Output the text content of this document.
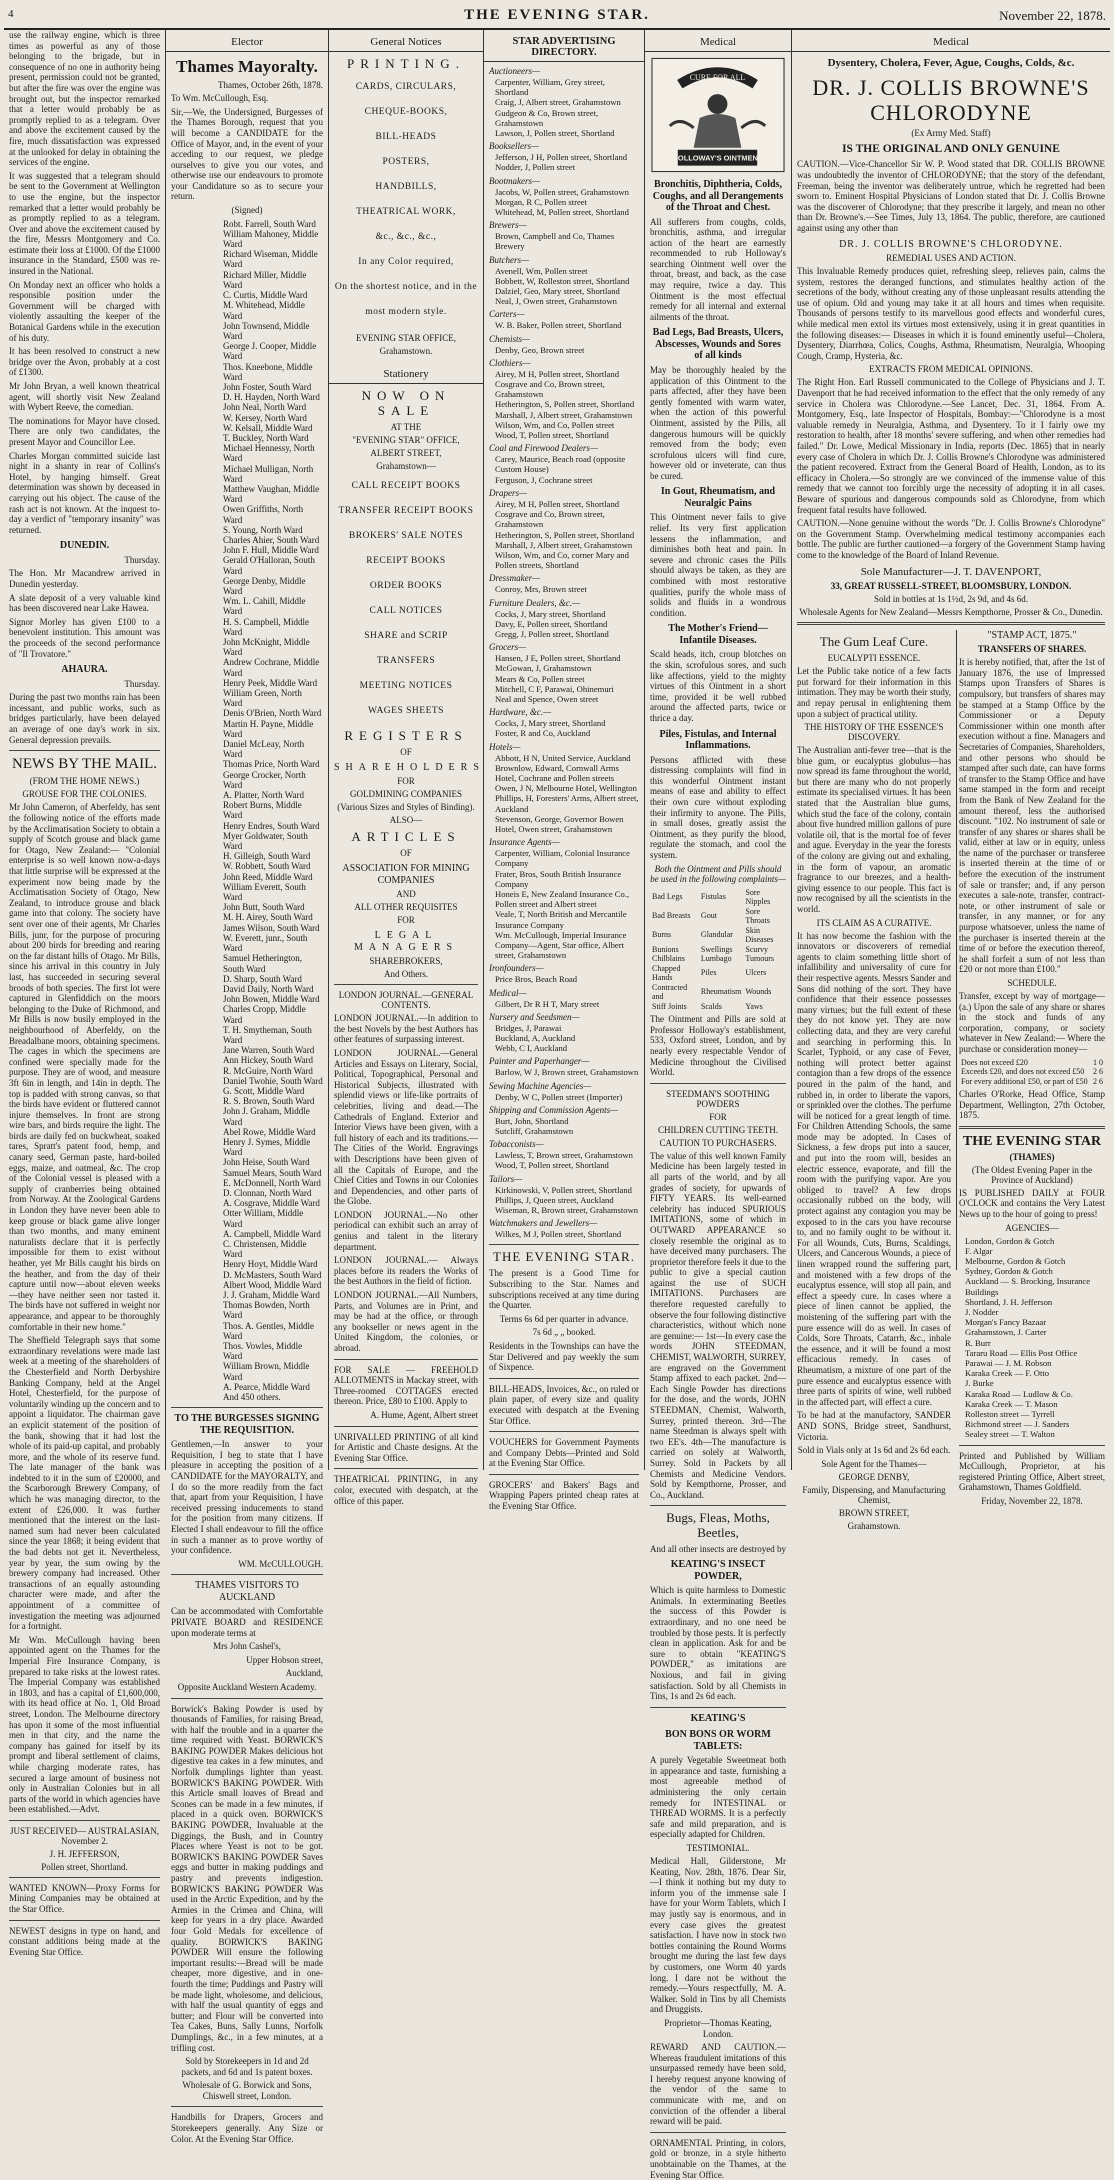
4	THE EVENING STAR.	November 22, 1878.

use the railway engine, which is three times as powerful as any of those belonging to the brigade, but in consequence of no one in authority being present, permission could not be granted, but after the fire was over the engine was brought out, but the inspector remarked that a letter would probably be as promptly replied to as a telegram. Over and above the excitement caused by the fire, much dissatisfaction was expressed at the unlooked for delay in obtaining the services of the engine.

It was suggested that a telegram should be sent to the Government at Wellington to use the engine, but the inspector remarked that a letter would probably be as promptly replied to as a telegram. Over and above the excitement caused by the fire, Messrs Montgomery and Co. estimate their loss at £1000. Of the £1000 insurance in the Standard, £500 was re-insured in the National.

On Monday next an officer who holds a responsible position under the Government will be charged with violently assaulting the keeper of the Botanical Gardens while in the execution of his duty.

It has been resolved to construct a new bridge over the Avon, probably at a cost of £1300.

Mr John Bryan, a well known theatrical agent, will shortly visit New Zealand with Wybert Reeve, the comedian.

The nominations for Mayor have closed. There are only two candidates, the present Mayor and Councillor Lee.

Charles Morgan committed suicide last night in a shanty in rear of Collins's Hotel, by hanging himself. Great determination was shown by deceased in carrying out his object. The cause of the rash act is not known. At the inquest to-day a verdict of "temporary insanity" was returned.

DUNEDIN.

Thursday.

The Hon. Mr Macandrew arrived in Dunedin yesterday.

A slate deposit of a very valuable kind has been discovered near Lake Hawea.

Signor Morley has given £100 to a benevolent institution. This amount was the proceeds of the second performance of "Il Trovatore."

AHAURA.

Thursday.

During the past two months rain has been incessant, and public works, such as bridges particularly, have been delayed an average of one day's work in six. General depression prevails.

NEWS BY THE MAIL.
(FROM THE HOME NEWS.)
GROUSE FOR THE COLONIES.

Mr John Cameron, of Aberfeldy, has sent the following notice of the efforts made by the Acclimatisation Society to obtain a supply of Scotch grouse and black game for Otago, New Zealand:— "Colonial enterprise is so well known now-a-days that little surprise will be expressed at the experiment now being made by the Acclimatisation Society of Otago, New Zealand, to introduce grouse and black game into that colony. The society have sent over one of their agents, Mr Charles Bills, junr, for the purpose of procuring about 200 birds for breeding and rearing on the far distant hills of Otago. Mr Bills, since his arrival in this country in July last, has succeeded in securing several broods of both species. The first lot were captured in Glenfiddich on the moors belonging to the Duke of Richmond, and Mr Bills is now busily employed in the neighbourhood of Aberfeldy, on the Breadalbane moors, obtaining specimens. The cages in which the specimens are confined were specially made for the purpose. They are of wood, and measure 3ft 6in in length, and 14in in depth. The top is padded with strong canvas, so that the birds have evident or fluttered cannot injure themselves. In front are strong wire bars, and birds require the light. The birds are daily fed on buckwheat, soaked tares, Spratt's patent food, hemp, and canary seed, German paste, hard-boiled eggs, maize, and oatmeal, &c. The crop of the Colonial vessel is pleased with a supply of cranberries being obtained from Norway. At the Zoological Gardens in London they have never been able to keep grouse or black game alive longer than two months, and many eminent naturalists declare that it is perfectly impossible for them to exist without heather, yet Mr Bills caught his birds on the heather, and from the day of their capture until now—about eleven weeks—they have neither seen nor tasted it. The birds have not suffered in weight nor appearance, and appear to be thoroughly comfortable in their new home."

The Sheffield Telegraph says that some extraordinary revelations were made last week at a meeting of the shareholders of the Chesterfield and North Derbyshire Banking Company, held at the Angel Hotel, Chesterfield, for the purpose of voluntarily winding up the concern and to appoint a liquidator. The chairman gave an explicit statement of the position of the bank, showing that it had lost the whole of its paid-up capital, and probably more, and the whole of its reserve fund. The late manager of the bank was indebted to it in the sum of £20000, and the Scarborough Brewery Company, of which he was managing director, to the extent of £26,000. It was further mentioned that the interest on the last-named sum had never been calculated since the year 1868; it being evident that the bad debts not get it. Nevertheless, year by year, the sum owing by the brewery company had increased. Other transactions of an equally astounding character were made, and after the appointment of a committee of investigation the meeting was adjourned for a fortnight.

Mr Wm. McCullough having been appointed agent on the Thames for the Imperial Fire Insurance Company, is prepared to take risks at the lowest rates. The Imperial Company was established in 1803, and has a capital of £1,600,000, with its head office at No. 1, Old Broad street, London. The Melbourne directory has upon it some of the most influential men in that city, and the name the company has gained for itself by its prompt and liberal settlement of claims, while charging moderate rates, has secured a large amount of business not only in Australian Colonies but in all parts of the world in which agencies have been established.—Advt.

JUST RECEIVED— AUSTRALASIAN, November 2.
J. H. JEFFERSON,
Pollen street, Shortland.

WANTED KNOWN—Proxy Forms for Mining Companies may be obtained at the Star Office.

NEWEST designs in type on hand, and constant additions being made at the Evening Star Office.

Elector
Thames Mayoralty.

Thames, October 26th, 1878.

To Wm. McCullough, Esq.

Sir,—We, the Undersigned, Burgesses of the Thames Borough, request that you will become a CANDIDATE for the Office of Mayor, and, in the event of your acceding to our request, we pledge ourselves to give you our votes, and otherwise use our endeavours to promote your Candidature so as to secure your return.

(Signed)

Robt. Farrell, South Ward
William Mahoney, Middle Ward
Richard Wiseman, Middle Ward
Richard Miller, Middle Ward
C. Curtis, Middle Ward
M. Whitehead, Middle Ward
John Townsend, Middle Ward
George J. Cooper, Middle Ward
Thos. Kneebone, Middle Ward
John Foster, South Ward
D. H. Hayden, North Ward
John Neal, North Ward
W. Kersey, North Ward
W. Kelsall, Middle Ward
T. Buckley, North Ward
Michael Hennessy, North Ward
Michael Mulligan, North Ward
Matthew Vaughan, Middle Ward
Owen Griffiths, North Ward
S. Young, North Ward
Charles Ahier, South Ward
John F. Hull, Middle Ward
Gerald O'Halloran, South Ward
George Denby, Middle Ward
Wm. L. Cahill, Middle Ward
H. S. Campbell, Middle Ward
John McKnight, Middle Ward
Andrew Cochrane, Middle Ward
Henry Peek, Middle Ward
William Green, North Ward
Denis O'Brien, North Ward
Martin H. Payne, Middle Ward
Daniel McLeay, North Ward
Thomas Price, North Ward
George Crocker, North Ward
A. Platter, North Ward
Robert Burns, Middle Ward
Henry Endres, South Ward
Myer Goldwater, South Ward
H. Gilleigh, South Ward
W. Robbett, South Ward
John Reed, Middle Ward
William Everett, South Ward
John Butt, South Ward
M. H. Airey, South Ward
James Wilson, South Ward
W. Everett, junr., South Ward
Samuel Hetherington, South Ward
D. Sharp, South Ward
David Daily, North Ward
John Bowen, Middle Ward
Charles Cropp, Middle Ward
T. H. Smytheman, South Ward
Jane Warren, South Ward
Ann Hickey, South Ward
R. McGuire, North Ward
Daniel Twohie, South Ward
G. Scott, Middle Ward
R. S. Brown, South Ward
John J. Graham, Middle Ward
Abel Rowe, Middle Ward
Henry J. Symes, Middle Ward
John Heise, South Ward
Samuel Mears, South Ward
E. McDonnell, North Ward
D. Clonnan, North Ward
A. Cosgrave, Middle Ward
Otter William, Middle Ward
A. Campbell, Middle Ward
C. Christensen, Middle Ward
Henry Hoyt, Middle Ward
D. McMasters, South Ward
Albert Wood, Middle Ward
J. J. Graham, Middle Ward
Thomas Bowden, North Ward
Thos. A. Gentles, Middle Ward
Thos. Vowles, Middle Ward
William Brown, Middle Ward
A. Pearce, Middle Ward
And 450 others.
TO THE BURGESSES SIGNING THE REQUISITION.

Gentlemen,—In answer to your Requisition, I beg to state that I have pleasure in accepting the position of a CANDIDATE for the MAYORALTY, and I do so the more readily from the fact that, apart from your Requisition, I have received pressing inducements to stand for the position from many citizens. If Elected I shall endeavour to fill the office in such a manner as to prove worthy of your confidence.

WM. McCULLOUGH.

THAMES VISITORS TO AUCKLAND

Can be accommodated with Comfortable PRIVATE BOARD and RESIDENCE upon moderate terms at

Mrs John Cashel's,

Upper Hobson street,

Auckland,

Opposite Auckland Western Academy.

Borwick's Baking Powder is used by thousands of Families, for raising Bread, with half the trouble and in a quarter the time required with Yeast. BORWICK'S BAKING POWDER Makes delicious hot digestive tea cakes in a few minutes, and Norfolk dumplings lighter than yeast. BORWICK'S BAKING POWDER. With this Article small loaves of Bread and Scones can be made in a few minutes, if placed in a quick oven. BORWICK'S BAKING POWDER, Invaluable at the Diggings, the Bush, and in Country Places where Yeast is not to be got. BORWICK'S BAKING POWDER Saves eggs and butter in making puddings and pastry and prevents indigestion. BORWICK'S BAKING POWDER Was used in the Arctic Expedition, and by the Armies in the Crimea and China, will keep for years in a dry place. Awarded four Gold Medals for excellence of quality. BORWICK'S BAKING POWDER Will ensure the following important results:—Bread will be made cheaper, more digestive, and in one-fourth the time; Puddings and Pastry will be made light, wholesome, and delicious, with half the usual quantity of eggs and butter; and Flour will be converted into Tea Cakes, Buns, Sally Lunns, Norfolk Dumplings, &c., in a few minutes, at a trifling cost.

Sold by Storekeepers in 1d and 2d packets, and 6d and 1s patent boxes.

Wholesale of G. Borwick and Sons, Chiswell street, London.

Handbills for Drapers, Grocers and Storekeepers generally. Any Size or Color. At the Evening Star Office.

General Notices
PRINTING.
CARDS, CIRCULARS,
CHEQUE-BOOKS,
BILL-HEADS
POSTERS,
HANDBILLS,
THEATRICAL WORK,
&c., &c., &c.,
In any Color required,
On the shortest notice, and in the most modern style.
EVENING STAR OFFICE,
Grahamstown.
Stationery
NOW ON SALE
AT THE
"EVENING STAR" OFFICE,
ALBERT STREET,
Grahamstown—
CALL RECEIPT BOOKS
TRANSFER RECEIPT BOOKS
BROKERS' SALE NOTES
RECEIPT BOOKS
ORDER BOOKS
CALL NOTICES
SHARE and SCRIP TRANSFERS
MEETING NOTICES
WAGES SHEETS
REGISTERS
OF
SHAREHOLDERS
FOR
GOLDMINING COMPANIES
(Various Sizes and Styles of Binding).
ALSO—
ARTICLES
OF
ASSOCIATION FOR MINING COMPANIES
AND
ALL OTHER REQUISITES
FOR
LEGAL MANAGERS
SHAREBROKERS,
And Others.
LONDON JOURNAL.—GENERAL CONTENTS.

LONDON JOURNAL.—In addition to the best Novels by the best Authors has other features of surpassing interest.

LONDON JOURNAL.—General Articles and Essays on Literary, Social, Political, Topographical, Personal and Historical Subjects, illustrated with splendid views or life-like portraits of celebrities, living and dead.—The Cathedrals of England. Exterior and Interior Views have been given, with a full history of each and its traditions.—The Cities of the World. Engravings with Descriptions have been given of all the Capitals of Europe, and the Chief Cities and Towns in our Colonies and Dependencies, and other parts of the Globe.

LONDON JOURNAL.—No other periodical can exhibit such an array of genius and talent in the literary department.

LONDON JOURNAL.— Always places before its readers the Works of the best Authors in the field of fiction.

LONDON JOURNAL.—All Numbers, Parts, and Volumes are in Print, and may be had at the office, or through any bookseller or news agent in the United Kingdom, the colonies, or abroad.

FOR SALE — FREEHOLD ALLOTMENTS in Mackay street, with Three-roomed COTTAGES erected thereon. Price, £80 to £100. Apply to

A. Hume, Agent, Albert street

UNRIVALLED PRINTING of all kind for Artistic and Chaste designs. At the Evening Star Office.

THEATRICAL PRINTING, in any color, executed with despatch, at the office of this paper.

STAR ADVERTISING DIRECTORY.
Auctioneers—
Carpenter, William, Grey street, Shortland
Craig, J, Albert street, Grahamstown
Gudgeon & Co, Brown street, Grahamstown
Lawson, J, Pollen street, Shortland
Booksellers—
Jefferson, J H, Pollen street, Shortland
Nodder, J, Pollen street
Bootmakers—
Jacobs, W, Pollen street, Grahamstown
Morgan, R C, Pollen street
Whitehead, M, Pollen street, Shortland
Brewers—
Brown, Campbell and Co, Thames Brewery
Butchers—
Avenell, Wm, Pollen street
Bobbett, W, Rolleston street, Shortland
Dalziel, Geo, Mary street, Shortland
Neal, J, Owen street, Grahamstown
Carters—
W. B. Baker, Pollen street, Shortland
Chemists—
Denby, Geo, Brown street
Clothiers—
Airey, M H, Pollen street, Shortland
Cosgrave and Co, Brown street, Grahamstown
Hetherington, S, Pollen street, Shortland
Marshall, J, Albert street, Grahamstown
Wilson, Wm, and Co, Pollen street
Wood, T, Pollen street, Shortland
Coal and Firewood Dealers—
Carey, Maurice, Beach road (opposite Custom House)
Ferguson, J, Cochrane street
Drapers—
Airey, M H, Pollen street, Shortland
Cosgrave and Co, Brown street, Grahamstown
Hetherington, S, Pollen street, Shortland
Marshall, J, Albert street, Grahamstown
Wilson, Wm, and Co, corner Mary and Pollen streets, Shortland
Dressmaker—
Conroy, Mrs, Brown street
Furniture Dealers, &c.—
Cocks, J, Mary street, Shortland
Davy, E, Pollen street, Shortland
Gregg, J, Pollen street, Shortland
Grocers—
Hansen, J E, Pollen street, Shortland
McGowan, J, Grahamstown
Mears & Co, Pollen street
Mitchell, C F, Parawai, Ohinemuri
Neal and Spence, Owen street
Hardware, &c.—
Cocks, J, Mary street, Shortland
Foster, R and Co, Auckland
Hotels—
Abbott, H N, United Service, Auckland
Brownlow, Edward, Cornwall Arms Hotel, Cochrane and Pollen streets
Owen, J N, Melbourne Hotel, Wellington
Phillips, H, Foresters' Arms, Albert street, Auckland
Stevenson, George, Governor Bowen Hotel, Owen street, Grahamstown
Insurance Agents—
Carpenter, William, Colonial Insurance Company
Frater, Bros, South British Insurance Company
Honeis E, New Zealand Insurance Co., Pollen street and Albert street
Veale, T, North British and Mercantile Insurance Company
Wm. McCullough, Imperial Insurance Company—Agent, Star office, Albert street, Grahamstown
Ironfounders—
Price Bros, Beach Road
Medical—
Gilbert, Dr R H T, Mary street
Nursery and Seedsmen—
Bridges, J, Parawai
Buckland, A, Auckland
Webb, C I, Auckland
Painter and Paperhanger—
Barlow, W J, Brown street, Grahamstown
Sewing Machine Agencies—
Denby, W C, Pollen street (Importer)
Shipping and Commission Agents—
Burt, John, Shortland
Sutcliff, Grahamstown
Tobacconists—
Lawless, T, Brown street, Grahamstown
Wood, T, Pollen street, Shortland
Tailors—
Kirkinowski, V, Pollen street, Shortland
Phillips, J, Queen street, Auckland
Wiseman, R, Brown street, Grahamstown
Watchmakers and Jewellers—
Wilkes, M J, Pollen street, Shortland
THE EVENING STAR.

The present is a Good Time for Subscribing to the Star. Names and subscriptions received at any time during the Quarter.

Terms 6s 6d per quarter in advance.

7s 6d „ „ booked.

Residents in the Townships can have the Star Delivered and pay weekly the sum of Sixpence.

BILL-HEADS, Invoices, &c., on ruled or plain paper, of every size and quality executed with despatch at the Evening Star Office.

VOUCHERS for Government Payments and Company Debts—Printed and Sold at the Evening Star Office.

GROCERS' and Bakers' Bags and Wrapping Papers printed cheap rates at the Evening Star Office.

Medical
CURE FOR ALL
HOLLOWAY'S OINTMENT
Bronchitis, Diphtheria, Colds, Coughs, and all Derangements of the Throat and Chest.

All sufferers from coughs, colds, bronchitis, asthma, and irregular action of the heart are earnestly recommended to rub Holloway's searching Ointment well over the throat, breast, and back, as the case may require, twice a day. This Ointment is the most effectual remedy for all internal and external ailments of the throat.

Bad Legs, Bad Breasts, Ulcers, Abscesses, Wounds and Sores of all kinds

May be thoroughly healed by the application of this Ointment to the parts affected, after they have been gently fomented with warm water, when the action of this powerful Ointment, assisted by the Pills, all dangerous humours will be quickly removed from the body; even scrofulous ulcers will find cure, however old or inveterate, can thus be cured.

In Gout, Rheumatism, and Neuralgic Pains

This Ointment never fails to give relief. Its very first application lessens the inflammation, and diminishes both heat and pain. In severe and chronic cases the Pills should always be taken, as they are combined with most restorative qualities, purify the whole mass of solids and fluids in a wondrous condition.

The Mother's Friend—Infantile Diseases.

Scald heads, itch, croup blotches on the skin, scrofulous sores, and such like affections, yield to the mighty virtues of this Ointment in a short time, provided it be well rubbed around the affected parts, twice or thrice a day.

Piles, Fistulas, and Internal Inflammations.

Persons afflicted with these distressing complaints will find in this wonderful Ointment instant means of ease and ability to effect their own cure without exploding their infirmity to anyone. The Pills, in small doses, greatly assist the Ointment, as they purify the blood, regulate the stomach, and cool the system.

Both the Ointment and Pills should be used in the following complaints—

Bad Legs	Fistulas	Sore Nipples
Bad Breasts	Gout	Sore Throats
Burns	Glandular	Skin Diseases
Bunions	Swellings	Scurvy
Chilblains	Lumbago	Tumours
Chapped Hands	Piles	Ulcers
Contracted and	Rheumatism	Wounds
Stiff Joints	Scalds	Yaws

The Ointment and Pills are sold at Professor Holloway's establishment, 533, Oxford street, London, and by nearly every respectable Vendor of Medicine throughout the Civilised World.

STEEDMAN'S SOOTHING POWDERS
FOR
CHILDREN CUTTING TEETH.
CAUTION TO PURCHASERS.

The value of this well known Family Medicine has been largely tested in all parts of the world, and by all grades of society, for upwards of FIFTY YEARS. Its well-earned celebrity has induced SPURIOUS IMITATIONS, some of which in OUTWARD APPEARANCE so closely resemble the original as to have deceived many purchasers. The proprietor therefore feels it due to the public to give a special caution against the use of SUCH IMITATIONS. Purchasers are therefore requested carefully to observe the four following distinctive characteristics, without which none are genuine:— 1st—In every case the words JOHN STEEDMAN, CHEMIST, WALWORTH, SURREY, are engraved on the Government Stamp affixed to each packet. 2nd—Each Single Powder has directions for the dose, and the words, JOHN STEEDMAN, Chemist, Walworth, Surrey, printed thereon. 3rd—The name Steedman is always spelt with two EE's. 4th—The manufacture is carried on solely at Walworth, Surrey. Sold in Packets by all Chemists and Medicine Vendors. Sold by Kempthorne, Prosser, and Co., Auckland.

Bugs, Fleas, Moths, Beetles,
And all other insects are destroyed by
KEATING'S INSECT POWDER,

Which is quite harmless to Domestic Animals. In exterminating Beetles the success of this Powder is extraordinary, and no one need be troubled by those pests. It is perfectly clean in application. Ask for and be sure to obtain "KEATING'S POWDER," as imitations are Noxious, and fail in giving satisfaction. Sold by all Chemists in Tins, 1s and 2s 6d each.

KEATING'S
BON BONS OR WORM TABLETS:

A purely Vegetable Sweetmeat both in appearance and taste, furnishing a most agreeable method of administering the only certain remedy for INTESTINAL or THREAD WORMS. It is a perfectly safe and mild preparation, and is especially adapted for Children.

TESTIMONIAL.

Medical Hall, Gilderstone, Mr Keating, Nov. 28th, 1876. Dear Sir,—I think it nothing but my duty to inform you of the immense sale I have for your Worm Tablets, which I may justly say is enormous, and in every case gives the greatest satisfaction. I have now in stock two bottles containing the Round Worms brought me during the last few days by customers, one Worm 40 yards long. I dare not be without the remedy.—Yours respectfully, M. A. Walker. Sold in Tins by all Chemists and Druggists.

Proprietor—Thomas Keating, London.

REWARD AND CAUTION.—Whereas fraudulent imitations of this unsurpassed remedy have been sold, I hereby request anyone knowing of the vendor of the same to communicate with me, and on conviction of the offender a liberal reward will be paid.

ORNAMENTAL Printing, in colors, gold or bronze, in a style hitherto unobtainable on the Thames, at the Evening Star Office.

Medical
Dysentery, Cholera, Fever, Ague, Coughs, Colds, &c.
DR. J. COLLIS BROWNE'S CHLORODYNE
(Ex Army Med. Staff)
IS THE ORIGINAL AND ONLY GENUINE

CAUTION.—Vice-Chancellor Sir W. P. Wood stated that DR. COLLIS BROWNE was undoubtedly the inventor of CHLORODYNE; that the story of the defendant, Freeman, being the inventor was deliberately untrue, which he regretted had been sworn to. Eminent Hospital Physicians of London stated that Dr. J. Collis Browne was the discoverer of Chlorodyne; that they prescribe it largely, and mean no other than Dr. Browne's.—See Times, July 13, 1864. The public, therefore, are cautioned against using any other than

DR. J. COLLIS BROWNE'S CHLORODYNE.
REMEDIAL USES AND ACTION.

This Invaluable Remedy produces quiet, refreshing sleep, relieves pain, calms the system, restores the deranged functions, and stimulates healthy action of the secretions of the body, without creating any of those unpleasant results attending the use of opium. Old and young may take it at all hours and times when requisite. Thousands of persons testify to its marvellous good effects and wonderful cures, while medical men extol its virtues most extensively, using it in great quantities in the following diseases:— Diseases in which it is found eminently useful—Cholera, Dysentery, Diarrhœa, Colics, Coughs, Asthma, Rheumatism, Neuralgia, Whooping Cough, Cramp, Hysteria, &c.

EXTRACTS FROM MEDICAL OPINIONS.

The Right Hon. Earl Russell communicated to the College of Physicians and J. T. Davenport that he had received information to the effect that the only remedy of any service in Cholera was Chlorodyne.—See Lancet, Dec. 31, 1864. From A. Montgomery, Esq., late Inspector of Hospitals, Bombay:—"Chlorodyne is a most valuable remedy in Neuralgia, Asthma, and Dysentery. To it I fairly owe my restoration to health, after 18 months' severe suffering, and when other remedies had failed." Dr. Lowe, Medical Missionary in India, reports (Dec. 1865) that in nearly every case of Cholera in which Dr. J. Collis Browne's Chlorodyne was administered the patient recovered. Extract from the General Board of Health, London, as to its efficacy in Cholera.—So strongly are we convinced of the immense value of this remedy that we cannot too forcibly urge the necessity of adopting it in all cases. Beware of spurious and dangerous compounds sold as Chlorodyne, from which frequent fatal results have followed.

CAUTION.—None genuine without the words "Dr. J. Collis Browne's Chlorodyne" on the Government Stamp. Overwhelming medical testimony accompanies each bottle. The public are further cautioned—a forgery of the Government Stamp having come to the knowledge of the Board of Inland Revenue.

Sole Manufacturer—J. T. DAVENPORT,
33, GREAT RUSSELL-STREET, BLOOMSBURY, LONDON.
Sold in bottles at 1s 1½d, 2s 9d, and 4s 6d.
Wholesale Agents for New Zealand—Messrs Kempthorne, Prosser & Co., Dunedin.
The Gum Leaf Cure.
EUCALYPTI ESSENCE.

Let the Public take notice of a few facts put forward for their information in this intimation. They may be worth their study, and repay perusal in enlightening them upon a subject of practical utility.

THE HISTORY OF THE ESSENCE'S DISCOVERY.

The Australian anti-fever tree—that is the blue gum, or eucalyptus globulus—has now spread its fame throughout the world, but there are many who do not properly estimate its specialised virtues. It has been stated that the Australian blue gums, which stud the face of the colony, contain about five hundred million gallons of pure volatile oil, that is the mortal foe of fever and ague. Everyday in the year the forests of the colony are giving out and exhaling, in the form of vapour, an aromatic fragrance to our breezes, and a health-giving essence to our people. This fact is now recognised by all the scientists in the world.

ITS CLAIM AS A CURATIVE.

It has now become the fashion with the innovators or discoverers of remedial agents to claim something little short of infallibility and universality of cure for their respective agents. Messrs Sander and Sons did nothing of the sort. They have confidence that their essence possesses many virtues; but the full extent of these they do not know yet. They are now collecting data, and they are very careful and searching in performing this. In Scarlet, Typhoid, or any case of Fever, nothing will protect better against contagion than a few drops of the essence poured in the palm of the hand, and rubbed in, in order to liberate the vapors, or sprinkled over the clothes. The perfume will be noticed for a great length of time. For Children Attending Schools, the same mode may be adopted. In Cases of Sickness, a few drops put into a saucer, and put into the room will, besides an electric essence, evaporate, and fill the room with the purifying vapor. Are you obliged to travel? A few drops occasionally rubbed on the body, will protect against any contagion you may be exposed to in the cars you have recourse to, and no family ought to be without it. For all Wounds, Cuts, Burns, Scaldings, Ulcers, and Cancerous Wounds, a piece of linen wrapped round the suffering part, and moistened with a few drops of the eucalyptus essence, will stop all pain, and effect a speedy cure. In cases where a piece of linen cannot be applied, the moistening of the suffering part with the pure essence will do as well. In cases of Colds, Sore Throats, Catarrh, &c., inhale the essence, and it will be found a most efficacious remedy. In cases of Rheumatism, a mixture of one part of the pure essence and eucalyptus essence with three parts of spirits of wine, well rubbed in the affected part, will effect a cure.

To be had at the manufactory, SANDER AND SONS, Bridge street, Sandhurst, Victoria.

Sold in Vials only at 1s 6d and 2s 6d each.

Sole Agent for the Thames—

GEORGE DENBY,
Family, Dispensing, and Manufacturing Chemist,
BROWN STREET,
Grahamstown.
"STAMP ACT, 1875."
TRANSFERS OF SHARES.

It is hereby notified, that, after the 1st of January 1876, the use of Impressed Stamps upon Transfers of Shares is compulsory, but transfers of shares may be stamped at a Stamp Office by the Commissioner or a Deputy Commissioner within one month after execution without a fine. Managers and Secretaries of Companies, Shareholders, and other persons who should be stamped after such date, can have forms of transfer to the Stamp Office and have same stamped in the form and receipt from the Bank of New Zealand for the amount thereof, less the authorised discount. "102. No instrument of sale or transfer of any shares or shares shall be valid, either at law or in equity, unless the name of the purchaser or transferee is inserted therein at the time of or before the execution of the instrument of sale or transfer; and, if any person executes a sale-note, transfer, contract-note, or other instrument of sale or transfer, in any manner, or for any purpose whatsoever, unless the name of the purchaser is inserted therein at the time of or before the execution thereof, he shall forfeit a sum of not less than £20 or not more than £100."

SCHEDULE.

Transfer, except by way of mortgage— (a.) Upon the sale of any share or shares in the stock and funds of any corporation, company, or society whatever in New Zealand:— Where the purchase or consideration money—

Does not exceed £20	1 0
Exceeds £20, and does not exceed £50	2 6
For every additional £50, or part of £50	2 6

Charles O'Rorke, Head Office, Stamp Department, Wellington, 27th October, 1875.

THE EVENING STAR
(THAMES)
(The Oldest Evening Paper in the Province of Auckland)

IS PUBLISHED DAILY at FOUR O'CLOCK and contains the Very Latest News up to the hour of going to press!

AGENCIES—
London, Gordon & Gotch
F. Algar
Melbourne, Gordon & Gotch
Sydney, Gordon & Gotch
Auckland — S. Brocking, Insurance Buildings
Shortland, J. H. Jefferson
J. Nodder
Morgan's Fancy Bazaar
Grahamstown, J. Carter
R. Burr
Tararu Road — Ellis Post Office
Parawai — J. M. Robson
Karaka Creek — F. Otto
J. Burke
Karaka Road — Ludlow & Co.
Karaka Creek — T. Mason
Rolleston street — Tyrrell
Richmond street — J. Sanders
Sealey street — T. Walton

Printed and Published by William McCullough, Proprietor, at his registered Printing Office, Albert street, Grahamstown, Thames Goldfield.

Friday, November 22, 1878.
